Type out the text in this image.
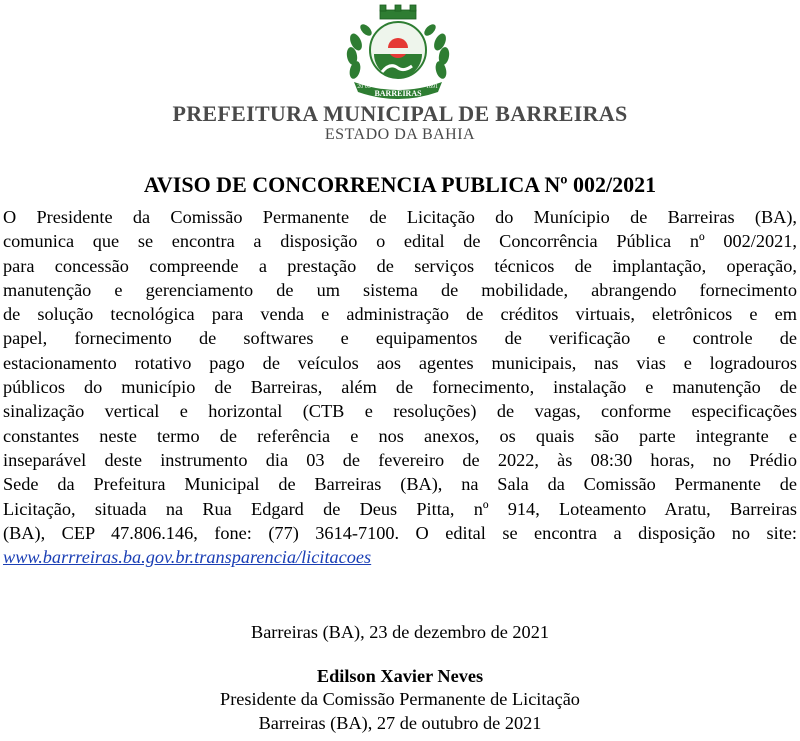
BARREIRAS
20 05	1891
PREFEITURA MUNICIPAL DE BARREIRAS
ESTADO DA BAHIA
AVISO DE CONCORRENCIA PUBLICA Nº 002/2021
O Presidente da Comissão Permanente de Licitação do Munícipio de Barreiras (BA),
comunica que se encontra a disposição o edital de Concorrência Pública nº 002/2021,
para concessão compreende a prestação de serviços técnicos de implantação, operação,
manutenção e gerenciamento de um sistema de mobilidade, abrangendo fornecimento
de solução tecnológica para venda e administração de créditos virtuais, eletrônicos e em
papel, fornecimento de softwares e equipamentos de verificação e controle de
estacionamento rotativo pago de veículos aos agentes municipais, nas vias e logradouros
públicos do município de Barreiras, além de fornecimento, instalação e manutenção de
sinalização vertical e horizontal (CTB e resoluções) de vagas, conforme especificações
constantes neste termo de referência e nos anexos, os quais são parte integrante e
inseparável deste instrumento dia 03 de fevereiro de 2022, às 08:30 horas, no Prédio
Sede da Prefeitura Municipal de Barreiras (BA), na Sala da Comissão Permanente de
Licitação, situada na Rua Edgard de Deus Pitta, nº 914, Loteamento Aratu, Barreiras
(BA), CEP 47.806.146, fone: (77) 3614-7100. O edital se encontra a disposição no site:
www.barrreiras.ba.gov.br.transparencia/licitacoes
Barreiras (BA), 23 de dezembro de 2021
Edilson Xavier Neves
Presidente da Comissão Permanente de Licitação
Barreiras (BA), 27 de outubro de 2021
